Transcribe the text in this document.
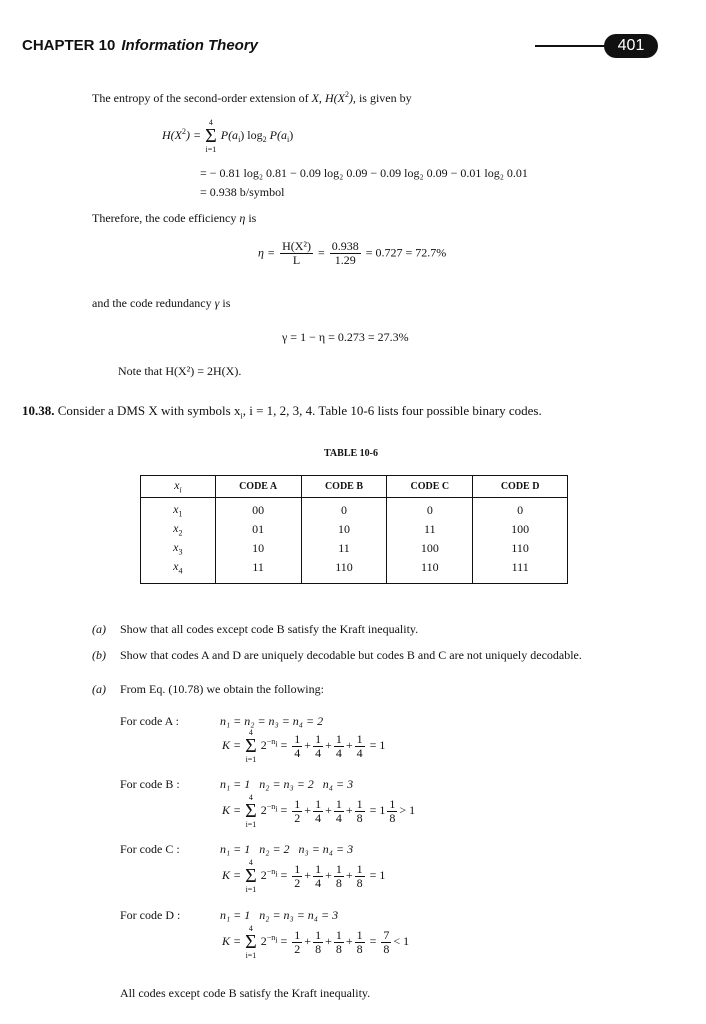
CHAPTER 10 Information Theory	401
The entropy of the second-order extension of X, $H(X^2)$, is given by
$H(X^2)$ =
4
Σ
i=1
$P(a_i)$ $\log_2 P(a_i)$
= − 0.81 log₂ 0.81 − 0.09 log₂ 0.09 − 0.09 log₂ 0.09 − 0.01 log₂ 0.01
= 0.938 b/symbol
Therefore, the code efficiency η is
$\eta = \frac{\text{H(X²)}}{L} = \frac{0.938}{1.29} = 0.727 = 72.7\%$
and the code redundancy γ is
γ = 1 − η = 0.273 = 27.3%
Note that H(X²) = 2H(X).
10.38. Consider a DMS X with symbols $x_i$, i = 1, 2, 3, 4. Table 10-6 lists four possible binary codes.
TABLE 10-6
$x_i$	CODE A	CODE B	CODE C	CODE D

$x_1$	00	0	0	0
$x_2$	01	10	11	100
$x_3$	10	11	100	110
$x_4$	11	110	110	111
(a) Show that all codes except code B satisfy the Kraft inequality.
(b) Show that codes A and D are uniquely decodable but codes B and C are not uniquely decodable.
(a) From Eq. (10.78) we obtain the following:
For code A :	n₁ = n₂ = n₃ = n₄ = 2
K =
4
Σ
i=1
$2^{-n_i} = \frac{1}{4} + \frac{1}{4} + \frac{1}{4} + \frac{1}{4} = 1$
For code B :	n₁ = 1   n₂ = n₃ = 2   n₄ = 3
K =
4
Σ
i=1
$2^{-n_i} = \frac{1}{2} + \frac{1}{4} + \frac{1}{4} + \frac{1}{8} = 1 \frac{1}{8} > 1$
For code C :	n₁ = 1   n₂ = 2   n₃ = n₄ = 3
K =
4
Σ
i=1
$2^{-n_i} = \frac{1}{2} + \frac{1}{4} + \frac{1}{8} + \frac{1}{8} = 1$
For code D :	n₁ = 1   n₂ = n₃ = n₄ = 3
K =
4
Σ
i=1
$2^{-n_i} = \frac{1}{2} + \frac{1}{8} + \frac{1}{8} + \frac{1}{8} = \frac{7}{8} < 1$
All codes except code B satisfy the Kraft inequality.
